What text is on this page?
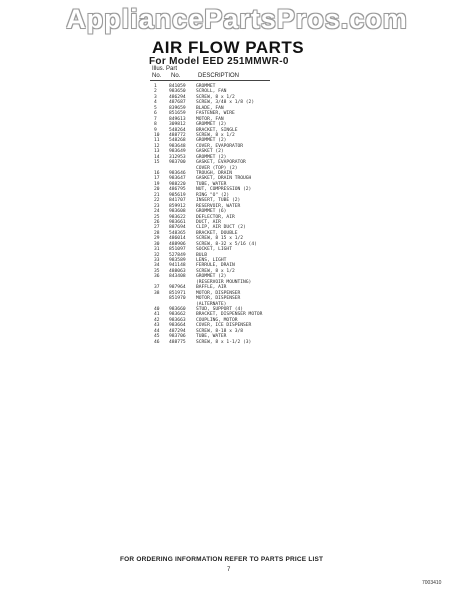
AppliancePartsPros.com
AIR FLOW PARTS
For Model EED 251MMWR-0
Illus. Part
No. No.	DESCRIPTION
1	841059	GROMMET
2	983650	SCROLL, FAN
3	486294	SCREW, 8 x 1/2
4	487687	SCREW, 3/48 x 1/8 (2)
5	839659	BLADE, FAN
6	851659	FASTENER, WIRE
7	849613	MOTOR, FAN
8	309812	GROMMET (2)
9	548264	BRACKET, SINGLE
10	488772	SCREW, 8 x 1/2
11	548268	GROMMET (2)
12	983648	COVER, EVAPORATOR
13	983649	GASKET (2)
14	312953	GROMMET (2)
15	983700	GASKET, EVAPORATOR
COVER (TOP) (2)
16	983646	TROUGH, DRAIN
17	983647	GASKET, DRAIN TROUGH
19	988220	TUBE, WATER
20	486795	NUT, COMPRESSION (2)
21	985619	RING "O" (2)
22	841707	INSERT, TUBE (2)
23	859912	RESERVOIR, WATER
24	983608	GROMMET (6)
25	983622	DEFLECTOR, AIR
26	983661	DUCT, AIR
27	887694	CLIP, AIR DUCT (2)
28	548365	BRACKET, DOUBLE
29	486014	SCREW, 8 15 x 1/2
30	488906	SCREW, 8-32 x 5/16 (4)
31	851097	SOCKET, LIGHT
32	527849	BULB
33	983589	LENS, LIGHT
34	941148	FERRULE, DRAIN
35	488063	SCREW, 8 x 1/2
36	843408	GROMMET (2)
(RESERVOIR MOUNTING)
37	987964	BAFFLE, AIR
38	851971	MOTOR, DISPENSER
851970	MOTOR, DISPENSER
(ALTERNATE)
40	983660	STUD, SUPPORT (4)
41	983662	BRACKET, DISPENSER MOTOR
42	983663	COUPLING, MOTOR
43	983664	COVER, ICE DISPENSER
44	487294	SCREW, 8-18 x 3/8
45	983706	TUBE, WATER
46	488775	SCREW, 8 x 1-1/2 (3)
FOR ORDERING INFORMATION REFER TO PARTS PRICE LIST
7
7003410
